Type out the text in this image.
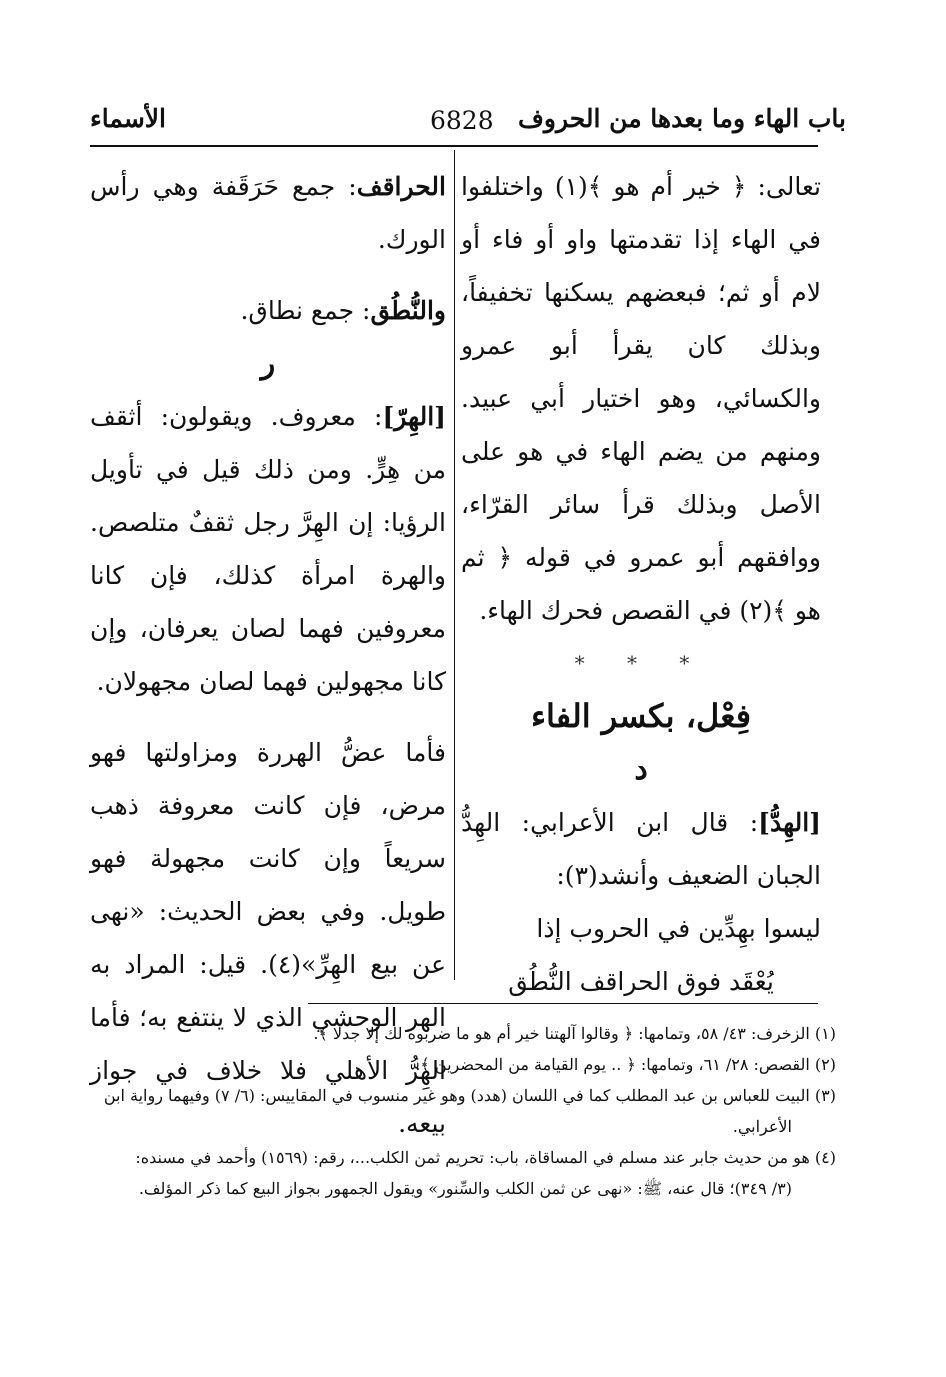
باب الهاء وما بعدها من الحروف
6828
الأسماء

تعالى: ﴿ خير أم هو ﴾(١) واختلفوا في الهاء إذا تقدمتها واو أو فاء أو لام أو ثم؛ فبعضهم يسكنها تخفيفاً، وبذلك كان يقرأ أبو عمرو والكسائي، وهو اختيار أبي عبيد. ومنهم من يضم الهاء في هو على الأصل وبذلك قرأ سائر القرّاء، ووافقهم أبو عمرو في قوله ﴿ ثم هو ﴾(٢) في القصص فحرك الهاء.

* * *

فِعْل، بكسر الفاء

د

[الهِدُّ]: قال ابن الأعرابي: الهِدُّ الجبان الضعيف وأنشد(٣):

ليسوا بهِدِّين في الحروب إذا

يُعْقَد فوق الحراقف النُّطُق

الحراقف: جمع حَرَقَفة وهي رأس الورك.

والنُّطُق: جمع نطاق.

ر

[الهِرّ]: معروف. ويقولون: أثقف من هِرٍّ. ومن ذلك قيل في تأويل الرؤيا: إن الهِرَّ رجل ثقفٌ متلصص. والهرة امرأة كذلك، فإن كانا معروفين فهما لصان يعرفان، وإن كانا مجهولين فهما لصان مجهولان.

فأما عضُّ الهررة ومزاولتها فهو مرض، فإن كانت معروفة ذهب سريعاً وإن كانت مجهولة فهو طويل. وفي بعض الحديث: «نهى عن بيع الهِرِّ»(٤). قيل: المراد به الهر الوحشي الذي لا ينتفع به؛ فأما الهِرُّ الأهلي فلا خلاف في جواز بيعه.

(١) الزخرف: ٤٣/ ٥٨، وتمامها: ﴿ وقالوا آلهتنا خير أم هو ما ضربوه لك إلا جدلا ﴾.

(٢) القصص: ٢٨/ ٦١، وتمامها: ﴿ .. يوم القيامة من المحضرين ﴾.

(٣) البيت للعباس بن عبد المطلب كما في اللسان (هدد) وهو غير منسوب في المقاييس: (٦/ ٧) وفيهما رواية ابن

الأعرابي.

(٤) هو من حديث جابر عند مسلم في المساقاة، باب: تحريم ثمن الكلب...، رقم: (١٥٦٩) وأحمد في مسنده:

(٣/ ٣٤٩)؛ قال عنه، ﷺ: «نهى عن ثمن الكلب والسِّنور» ويقول الجمهور بجواز البيع كما ذكر المؤلف.
